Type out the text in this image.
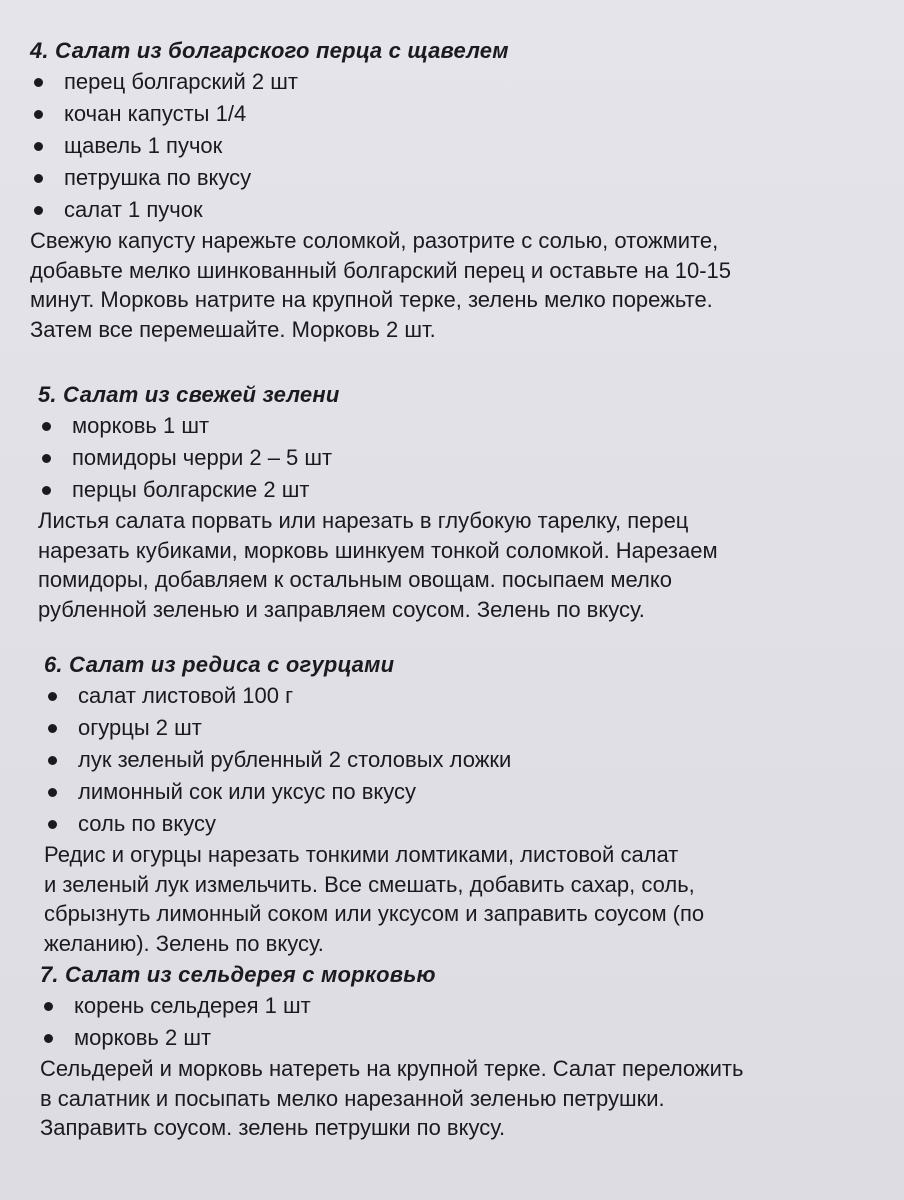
4. Салат из болгарского перца с щавелем
перец болгарский 2 шт
кочан капусты 1/4
щавель 1 пучок
петрушка по вкусу
салат 1 пучок

Свежую капусту нарежьте соломкой, разотрите с солью, отожмите,
добавьте мелко шинкованный болгарский перец и оставьте на 10-15
минут. Морковь натрите на крупной терке, зелень мелко порежьте.
Затем все перемешайте. Морковь 2 шт.

5. Салат из свежей зелени
морковь 1 шт
помидоры черри 2 – 5 шт
перцы болгарские 2 шт

Листья салата порвать или нарезать в глубокую тарелку, перец
нарезать кубиками, морковь шинкуем тонкой соломкой. Нарезаем
помидоры, добавляем к остальным овощам. посыпаем мелко
рубленной зеленью и заправляем соусом. Зелень по вкусу.

6. Салат из редиса с огурцами
салат листовой 100 г
огурцы 2 шт
лук зеленый рубленный 2 столовых ложки
лимонный сок или уксус по вкусу
соль по вкусу

Редис и огурцы нарезать тонкими ломтиками, листовой салат
и зеленый лук измельчить. Все смешать, добавить сахар, соль,
сбрызнуть лимонный соком или уксусом и заправить соусом (по
желанию). Зелень по вкусу.

7. Салат из сельдерея с морковью
корень сельдерея 1 шт
морковь 2 шт

Сельдерей и морковь натереть на крупной терке. Салат переложить
в салатник и посыпать мелко нарезанной зеленью петрушки.
Заправить соусом. зелень петрушки по вкусу.
